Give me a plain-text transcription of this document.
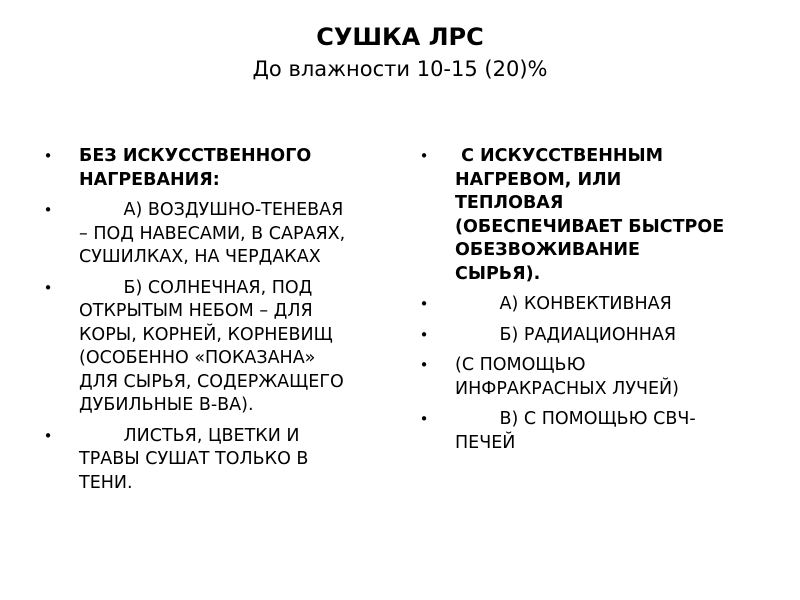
СУШКА ЛРС
До влажности 10-15 (20)%
• БЕЗ ИСКУССТВЕННОГО
НАГРЕВАНИЯ:
•	А) ВОЗДУШНО-ТЕНЕВАЯ
– ПОД НАВЕСАМИ, В САРАЯХ,
СУШИЛКАХ, НА ЧЕРДАКАХ
•	Б) СОЛНЕЧНАЯ, ПОД
ОТКРЫТЫМ НЕБОМ – ДЛЯ
КОРЫ, КОРНЕЙ, КОРНЕВИЩ
(ОСОБЕННО «ПОКАЗАНА»
ДЛЯ СЫРЬЯ, СОДЕРЖАЩЕГО
ДУБИЛЬНЫЕ В-ВА).
•	ЛИСТЬЯ, ЦВЕТКИ И
ТРАВЫ СУШАТ ТОЛЬКО В
ТЕНИ.
•	С ИСКУССТВЕННЫМ
НАГРЕВОМ, ИЛИ
ТЕПЛОВАЯ
(ОБЕСПЕЧИВАЕТ БЫСТРОЕ
ОБЕЗВОЖИВАНИЕ
СЫРЬЯ).
• А) КОНВЕКТИВНАЯ
• Б) РАДИАЦИОННАЯ
• (С ПОМОЩЬЮ
ИНФРАКРАСНЫХ ЛУЧЕЙ)
•	В) С ПОМОЩЬЮ СВЧ-
ПЕЧЕЙ
